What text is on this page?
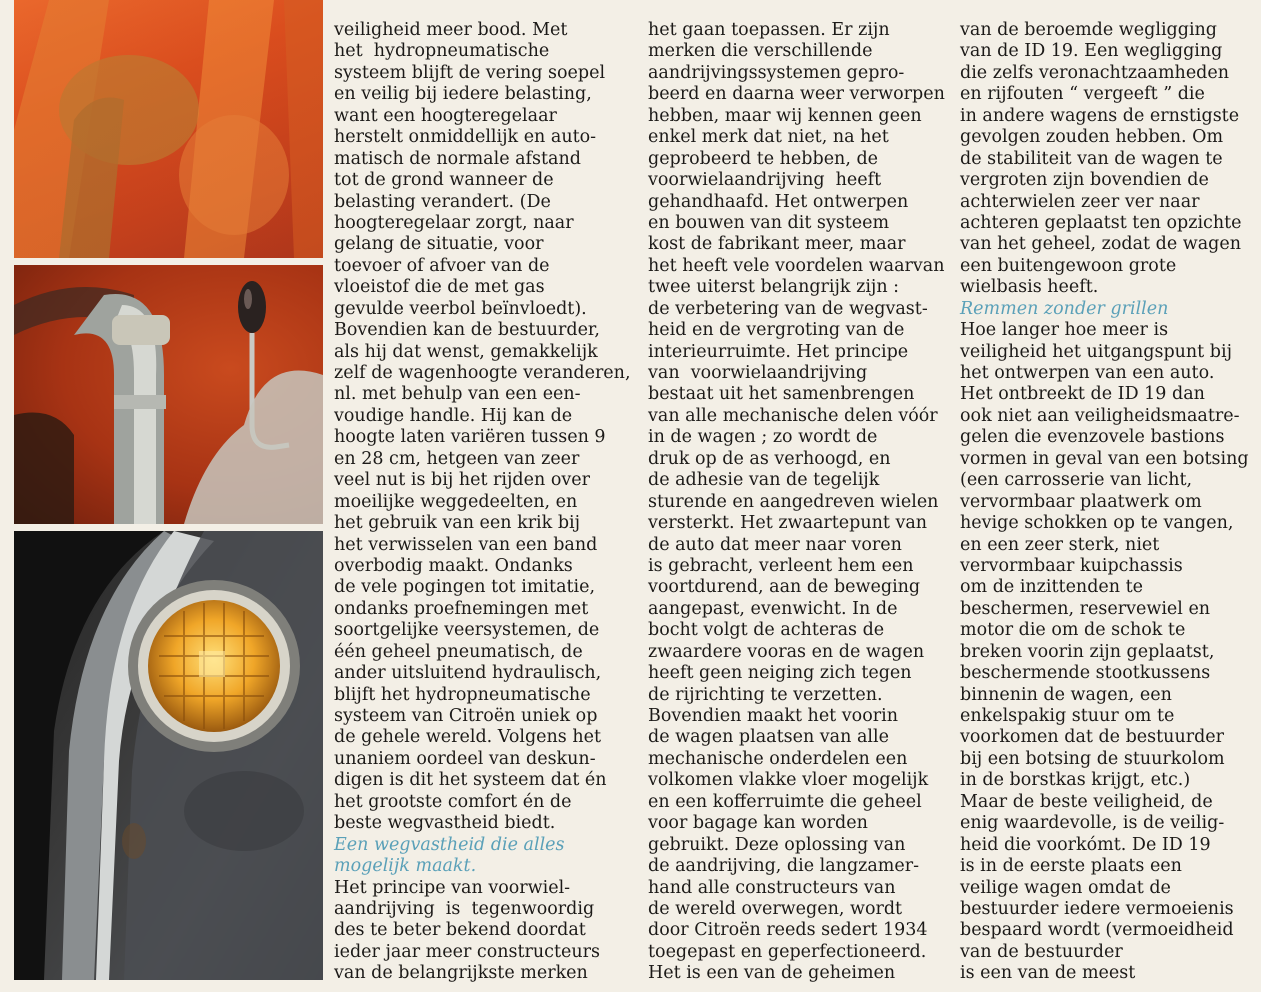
veiligheid meer bood. Met
het  hydropneumatische
systeem blijft de vering soepel
en veilig bij iedere belasting,
want een hoogteregelaar
herstelt onmiddellijk en auto-
matisch de normale afstand
tot de grond wanneer de
belasting verandert. (De
hoogteregelaar zorgt, naar
gelang de situatie, voor
toevoer of afvoer van de
vloeistof die de met gas
gevulde veerbol beïnvloedt).
Bovendien kan de bestuurder,
als hij dat wenst, gemakkelijk
zelf de wagenhoogte veranderen,
nl. met behulp van een een-
voudige handle. Hij kan de
hoogte laten variëren tussen 9
en 28 cm, hetgeen van zeer
veel nut is bij het rijden over
moeilijke weggedeelten, en
het gebruik van een krik bij
het verwisselen van een band
overbodig maakt. Ondanks
de vele pogingen tot imitatie,
ondanks proefnemingen met
soortgelijke veersystemen, de
één geheel pneumatisch, de
ander uitsluitend hydraulisch,
blijft het hydropneumatische
systeem van Citroën uniek op
de gehele wereld. Volgens het
unaniem oordeel van deskun-
digen is dit het systeem dat én
het grootste comfort én de
beste wegvastheid biedt.
Een wegvastheid die alles
mogelijk maakt.
Het principe van voorwiel-
aandrijving  is  tegenwoordig
des te beter bekend doordat
ieder jaar meer constructeurs
van de belangrijkste merken
het gaan toepassen. Er zijn
merken die verschillende
aandrijvingssystemen gepro-
beerd en daarna weer verworpen
hebben, maar wij kennen geen
enkel merk dat niet, na het
geprobeerd te hebben, de
voorwielaandrijving  heeft
gehandhaafd. Het ontwerpen
en bouwen van dit systeem
kost de fabrikant meer, maar
het heeft vele voordelen waarvan
twee uiterst belangrijk zijn :
de verbetering van de wegvast-
heid en de vergroting van de
interieurruimte. Het principe
van  voorwielaandrijving
bestaat uit het samenbrengen
van alle mechanische delen vóór
in de wagen ; zo wordt de
druk op de as verhoogd, en
de adhesie van de tegelijk
sturende en aangedreven wielen
versterkt. Het zwaartepunt van
de auto dat meer naar voren
is gebracht, verleent hem een
voortdurend, aan de beweging
aangepast, evenwicht. In de
bocht volgt de achteras de
zwaardere vooras en de wagen
heeft geen neiging zich tegen
de rijrichting te verzetten.
Bovendien maakt het voorin
de wagen plaatsen van alle
mechanische onderdelen een
volkomen vlakke vloer mogelijk
en een kofferruimte die geheel
voor bagage kan worden
gebruikt. Deze oplossing van
de aandrijving, die langzamer-
hand alle constructeurs van
de wereld overwegen, wordt
door Citroën reeds sedert 1934
toegepast en geperfectioneerd.
Het is een van de geheimen
van de beroemde wegligging
van de ID 19. Een wegligging
die zelfs veronachtzaamheden
en rijfouten “ vergeeft ” die
in andere wagens de ernstigste
gevolgen zouden hebben. Om
de stabiliteit van de wagen te
vergroten zijn bovendien de
achterwielen zeer ver naar
achteren geplaatst ten opzichte
van het geheel, zodat de wagen
een buitengewoon grote
wielbasis heeft.
Remmen zonder grillen
Hoe langer hoe meer is
veiligheid het uitgangspunt bij
het ontwerpen van een auto.
Het ontbreekt de ID 19 dan
ook niet aan veiligheidsmaatre-
gelen die evenzovele bastions
vormen in geval van een botsing
(een carrosserie van licht,
vervormbaar plaatwerk om
hevige schokken op te vangen,
en een zeer sterk, niet
vervormbaar kuipchassis
om de inzittenden te
beschermen, reservewiel en
motor die om de schok te
breken voorin zijn geplaatst,
beschermende stootkussens
binnenin de wagen, een
enkelspakig stuur om te
voorkomen dat de bestuurder
bij een botsing de stuurkolom
in de borstkas krijgt, etc.)
Maar de beste veiligheid, de
enig waardevolle, is de veilig-
heid die voorkómt. De ID 19
is in de eerste plaats een
veilige wagen omdat de
bestuurder iedere vermoeienis
bespaard wordt (vermoeidheid
van de bestuurder
is een van de meest
